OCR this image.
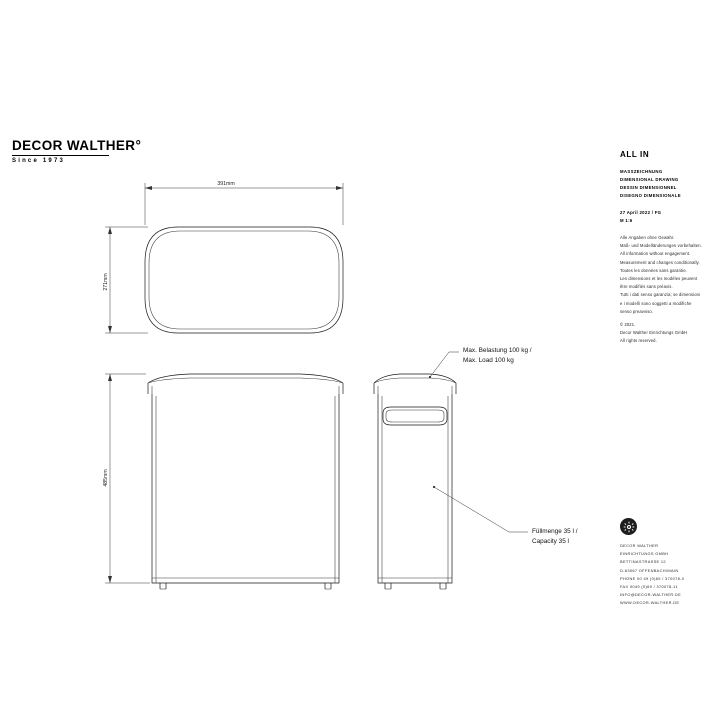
DECOR WALTHER°
Since 1973
ALL IN
MASSZEICHNUNG
DIMENSIONAL DRAWING
DESSIN DIMENSIONNEL
DISEGNO DIMENSIONALE
27 April 2022 / FG
M 1:6
Alle Angaben ohne Gewähr.
Maß- und Modelländerungen vorbehalten.
All information without engagement.
Measurement and changes conditionally.
Toutes les données sans garantie.
Les dimensions et les modèles peuvent
être modifiés sans préavis.
Tutti i dati senso garanzia; se dimensioni
e i modelli sono soggetti a modifiche
senso preavviso.
© 2021.
Decor Walther Einrichtungs GmbH
All rights reserved.
DECOR WALTHER
EINRICHTUNGS GMBH
BETTINASTRASSE 12
D-63067 OFFENBACH/MAIN
PHONE 00 49 (0)69 / 370078-0
FAX 0049 (0)69 / 370078-11
INFO@DECOR-WALTHER.DE
WWW.DECOR-WALTHER.DE
391mm
271mm
485mm
Max. Belastung 100 kg /
Max. Load 100 kg
Füllmenge 35 l /
Capacity 35 l
